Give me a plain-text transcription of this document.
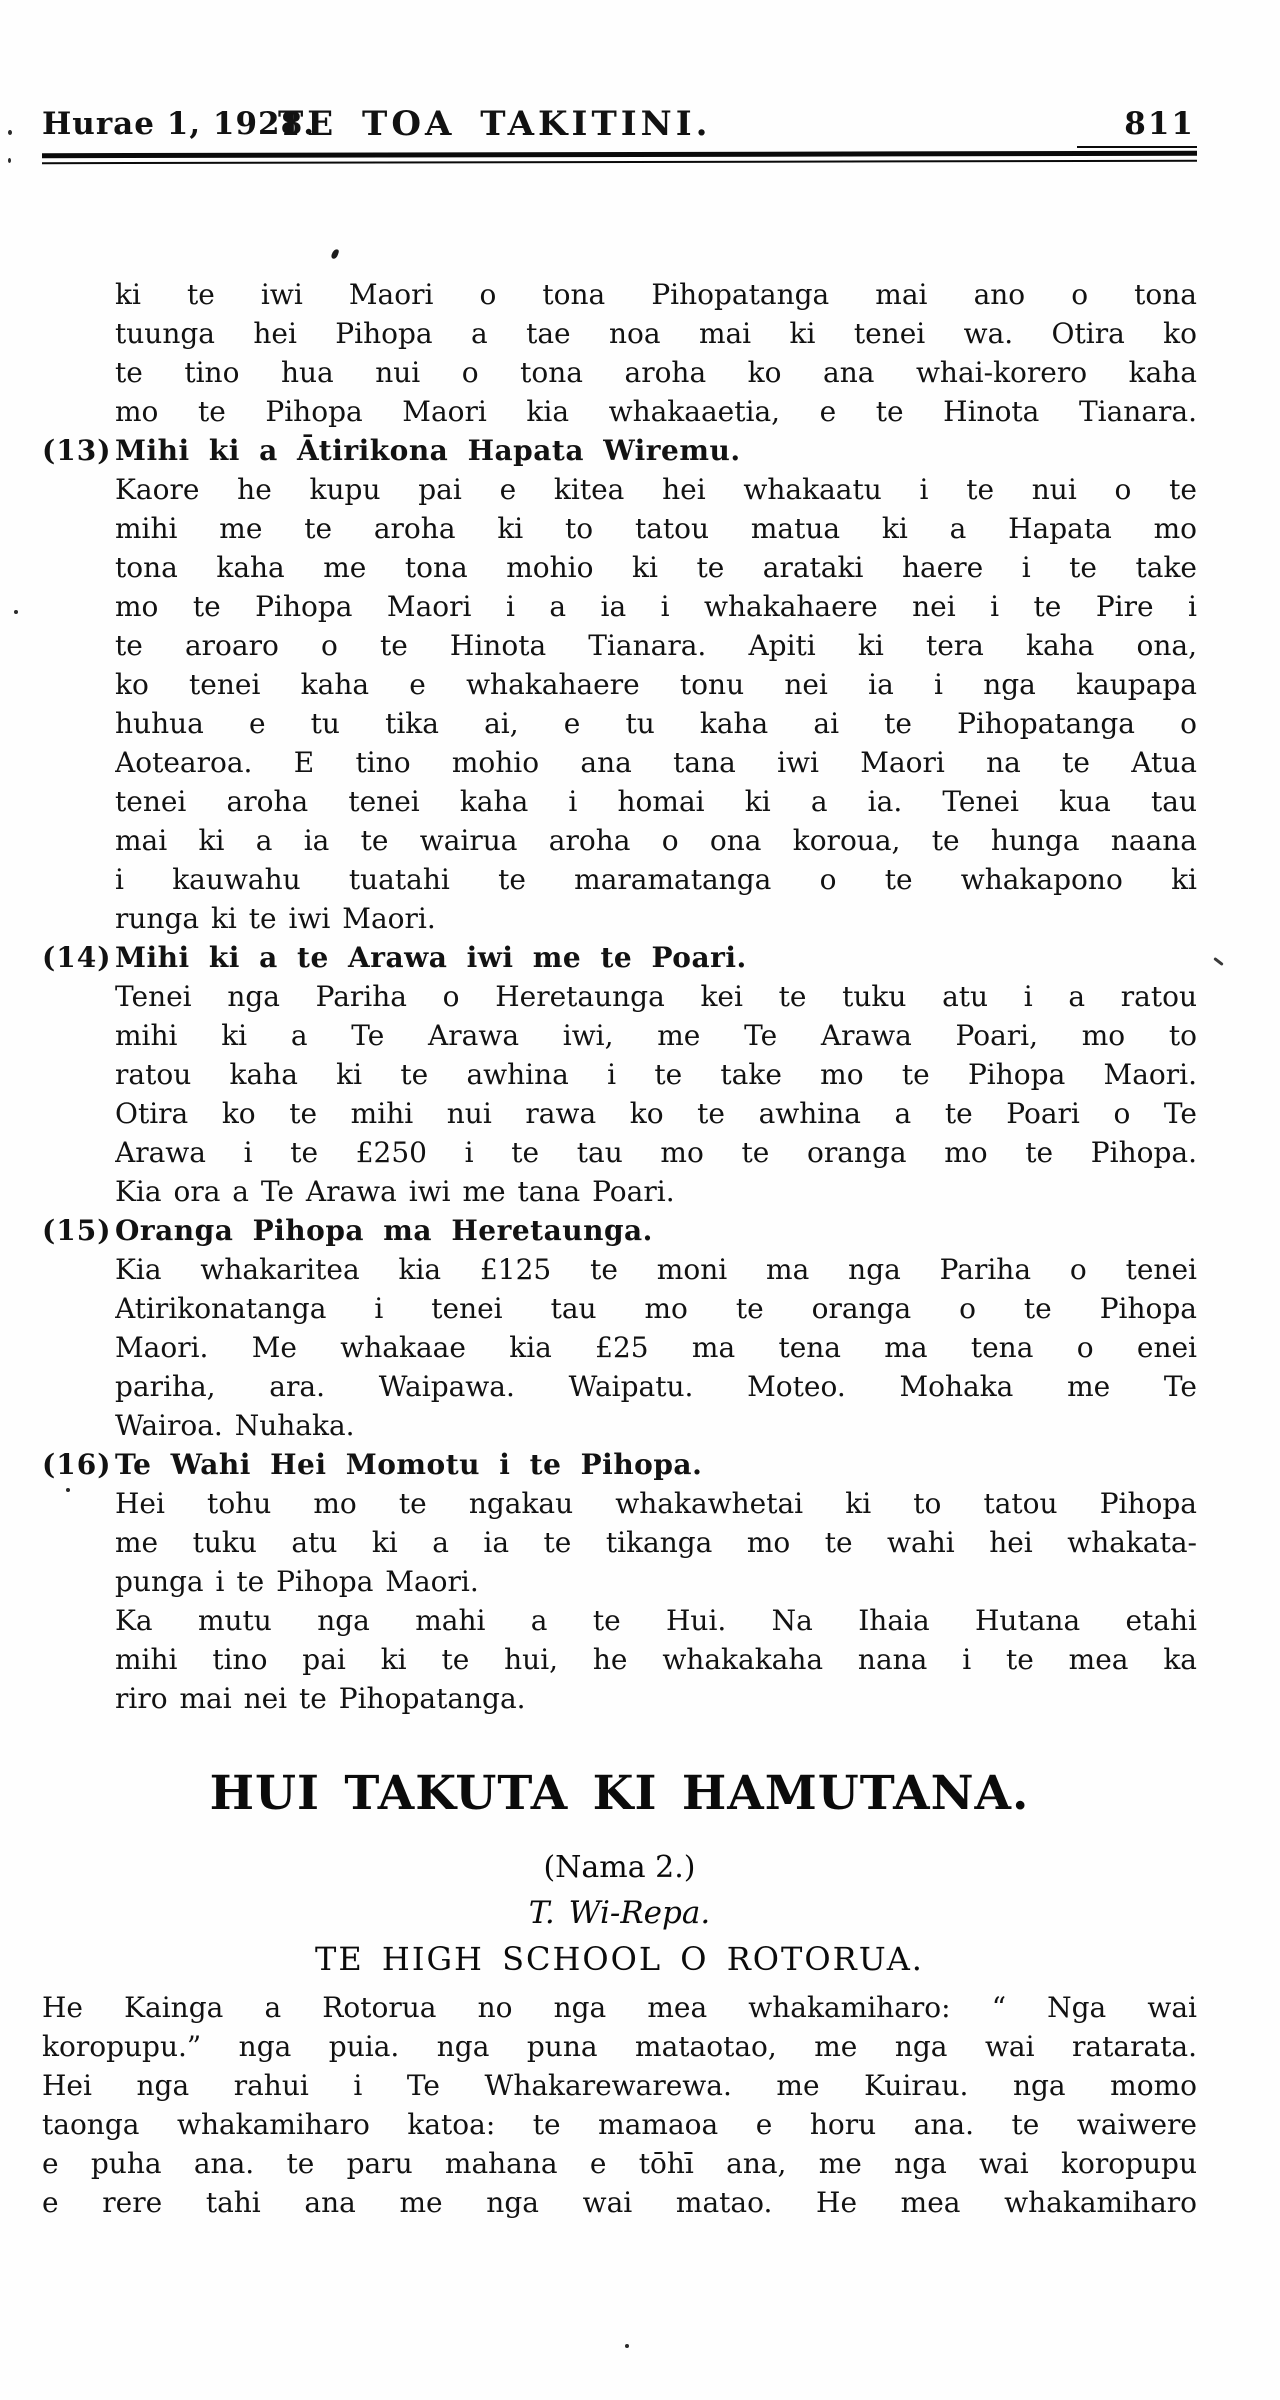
Hurae 1, 1928.
TE TOA TAKITINI.	811
ki te iwi Maori o tona Pihopatanga mai ano o tona
tuunga hei Pihopa a tae noa mai ki tenei wa. Otira ko
te tino hua nui o tona aroha ko ana whai-korero kaha
mo te Pihopa Maori kia whakaaetia, e te Hinota Tianara.
(13) Mihi ki a Ātirikona Hapata Wiremu.
Kaore he kupu pai e kitea hei whakaatu i te nui o te
mihi me te aroha ki to tatou matua ki a Hapata mo
tona kaha me tona mohio ki te arataki haere i te take
mo te Pihopa Maori i a ia i whakahaere nei i te Pire i
te aroaro o te Hinota Tianara. Apiti ki tera kaha ona,
ko tenei kaha e whakahaere tonu nei ia i nga kaupapa
huhua e tu tika ai, e tu kaha ai te Pihopatanga o
Aotearoa. E tino mohio ana tana iwi Maori na te Atua
tenei aroha tenei kaha i homai ki a ia. Tenei kua tau
mai ki a ia te wairua aroha o ona koroua, te hunga naana
i kauwahu tuatahi te maramatanga o te whakapono ki
runga ki te iwi Maori.
(14) Mihi ki a te Arawa iwi me te Poari.
Tenei nga Pariha o Heretaunga kei te tuku atu i a ratou
mihi ki a Te Arawa iwi, me Te Arawa Poari, mo to
ratou kaha ki te awhina i te take mo te Pihopa Maori.
Otira ko te mihi nui rawa ko te awhina a te Poari o Te
Arawa i te £250 i te tau mo te oranga mo te Pihopa.
Kia ora a Te Arawa iwi me tana Poari.
(15) Oranga Pihopa ma Heretaunga.
Kia whakaritea kia £125 te moni ma nga Pariha o tenei
Atirikonatanga i tenei tau mo te oranga o te Pihopa
Maori. Me whakaae kia £25 ma tena ma tena o enei
pariha, ara. Waipawa. Waipatu. Moteo. Mohaka me Te
Wairoa. Nuhaka.
(16) Te Wahi Hei Momotu i te Pihopa.
Hei tohu mo te ngakau whakawhetai ki to tatou Pihopa
me tuku atu ki a ia te tikanga mo te wahi hei whakata-
punga i te Pihopa Maori.
Ka mutu nga mahi a te Hui. Na Ihaia Hutana etahi
mihi tino pai ki te hui, he whakakaha nana i te mea ka
riro mai nei te Pihopatanga.
HUI TAKUTA KI HAMUTANA.
(Nama 2.)
T. Wi-Repa.
TE HIGH SCHOOL O ROTORUA.
He Kainga a Rotorua no nga mea whakamiharo: “ Nga wai
koropupu.” nga puia. nga puna mataotao, me nga wai ratarata.
Hei nga rahui i Te Whakarewarewa. me Kuirau. nga momo
taonga whakamiharo katoa: te mamaoa e horu ana. te waiwere
e puha ana. te paru mahana e tōhī ana, me nga wai koropupu
e rere tahi ana me nga wai matao. He mea whakamiharo
